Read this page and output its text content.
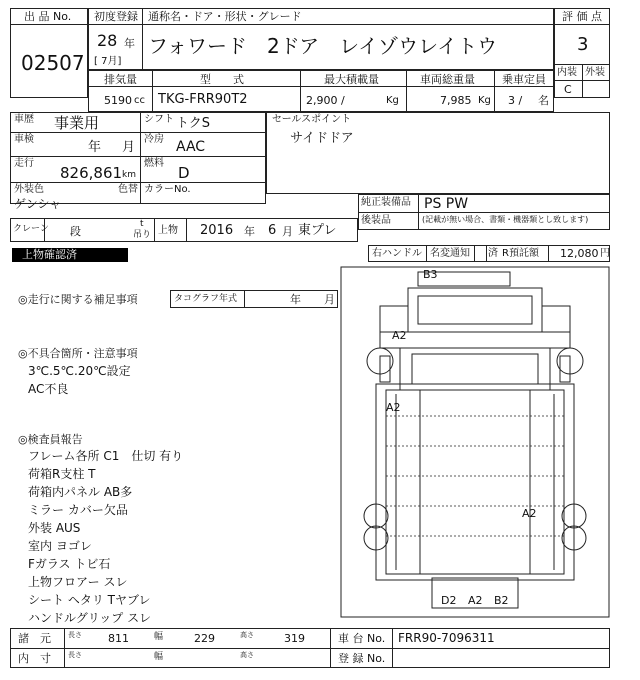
出 品 No.
02507
初度登録 通称名・ドア・形状・グレード
28 年
[ 7月]
フォワード　2ドア　レイゾウレイトウ
評 価 点
3
内装 外装
C
排気量	型　　式	最大積載量	車両総重量 乗車定員
5190 cc TKG-FRR90T2	2,900 /	Kg	7,985 Kg 3 / 名
車歴 事業用
車検
年 月
走行
826,861 km
シフト トクS
冷房 AAC
燃料
D
外装色
ゲンシャ
色替 カラーNo.
セールスポイント
サイドドア
純正装備品 PS PW
後装品	(記載が無い場合、書類・機器類とし致します)
クレーン 段
t
吊り 上物 2016 年 6 月 東プレ
上物確認済	右ハンドル 名変通知 済 R預託額 12,080 円
◎走行に関する補足事項	タコグラフ年式	年 月
◎不具合箇所・注意事項
3℃.5℃.20℃設定
AC不良
◎検査員報告
フレーム各所 C1　仕切 有り
荷箱R支柱 T
荷箱内パネル AB多
ミラー カバー欠品
外装 AUS
室内 ヨゴレ
Fガラス トビ石
上物フロアー スレ
シート ヘタリ Tヤブレ
ハンドルグリップ スレ
B3
A2
A2
A2
D2 A2 B2
諸　元 長さ 811	幅	229	高さ	319	車 台 No. FRR90-7096311
内　寸 長さ	幅	高さ	登 録 No.
